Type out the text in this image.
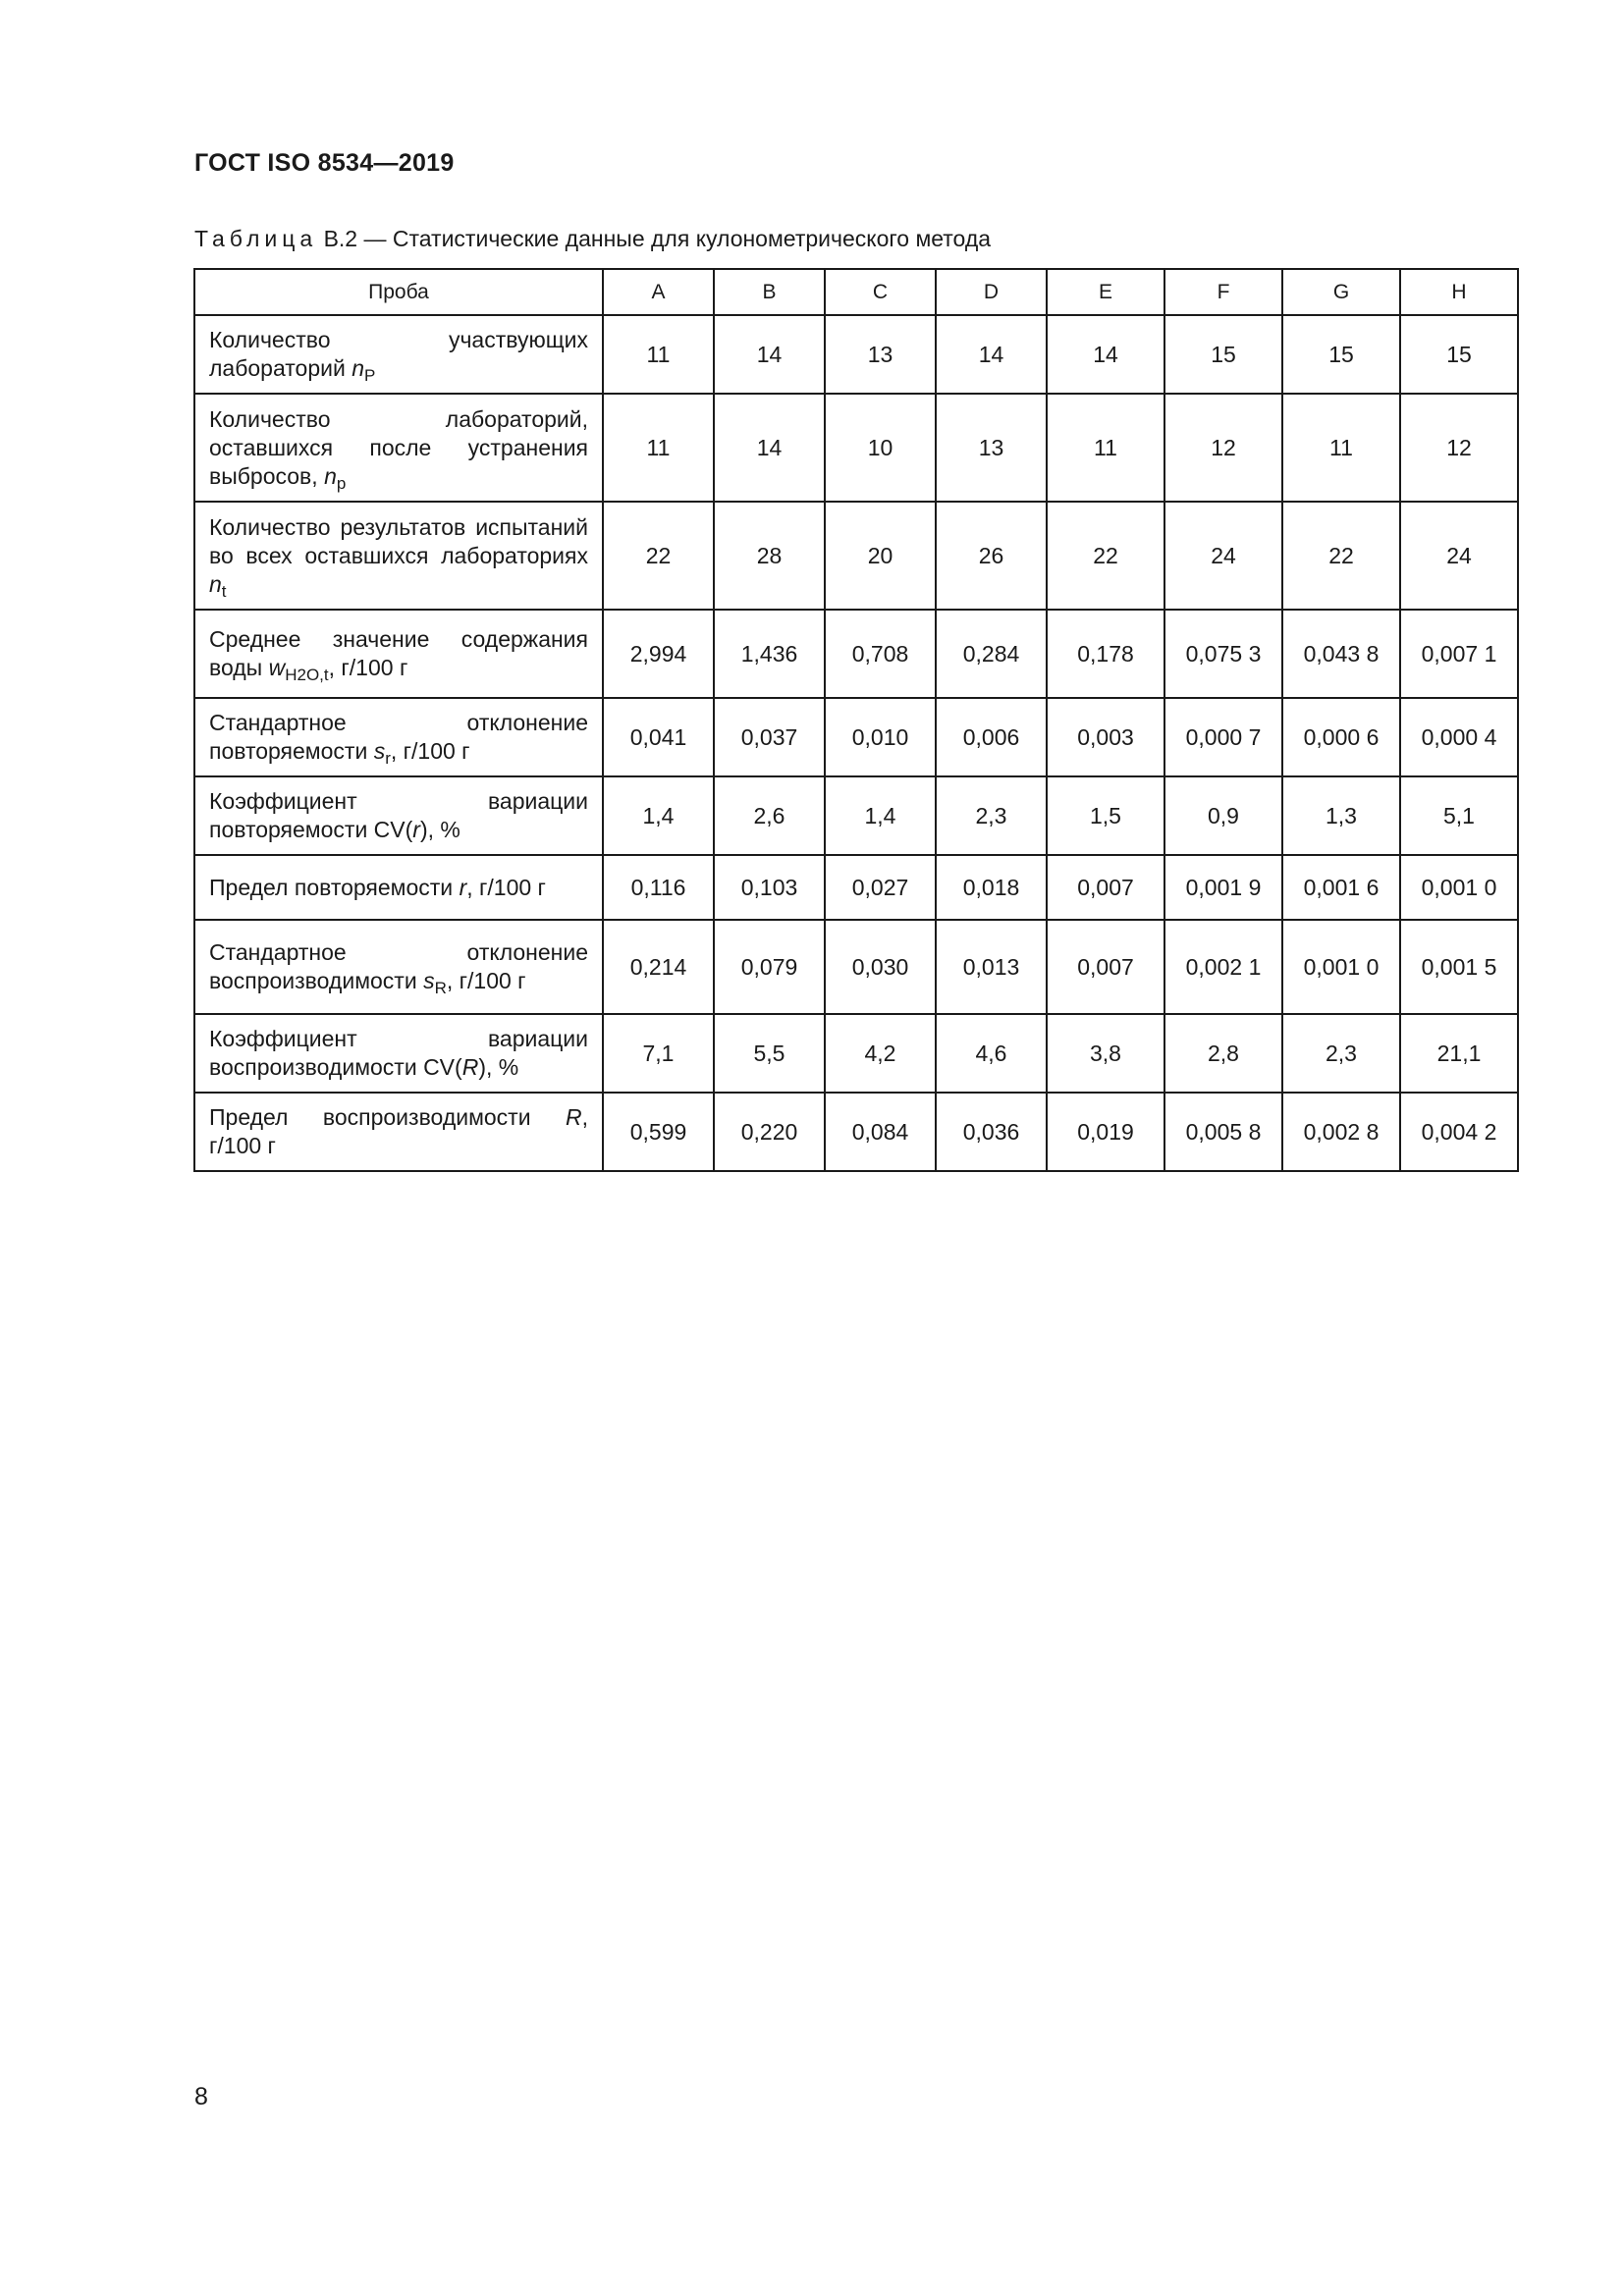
ГОСТ ISO 8534—2019
Таблица B.2 — Статистические данные для кулонометрического метода
Проба	A	B	C	D	E	F	G	H
Количество участвующих лабораторий $n_P$	11	14	13	14	14	15	15	15
Количество лабораторий, оставшихся после устранения выбросов, $n_p$	11	14	10	13	11	12	11	12
Количество результатов испытаний во всех оставшихся лабораториях $n_t$	22	28	20	26	22	24	22	24
Среднее значение содержания воды $w_{H2O,t}$, г/100 г	2,994	1,436	0,708	0,284	0,178	0,075 3	0,043 8	0,007 1
Стандартное отклонение повторяемости $s_r$, г/100 г	0,041	0,037	0,010	0,006	0,003	0,000 7	0,000 6	0,000 4
Коэффициент вариации повторяемости CV(r), %	1,4	2,6	1,4	2,3	1,5	0,9	1,3	5,1
Предел повторяемости r, г/100 г	0,116	0,103	0,027	0,018	0,007	0,001 9	0,001 6	0,001 0
Стандартное отклонение воспроизводимости $s_R$, г/100 г	0,214	0,079	0,030	0,013	0,007	0,002 1	0,001 0	0,001 5
Коэффициент вариации воспроизводимости CV(R), %	7,1	5,5	4,2	4,6	3,8	2,8	2,3	21,1
Предел воспроизводимости R, г/100 г	0,599	0,220	0,084	0,036	0,019	0,005 8	0,002 8	0,004 2
8
